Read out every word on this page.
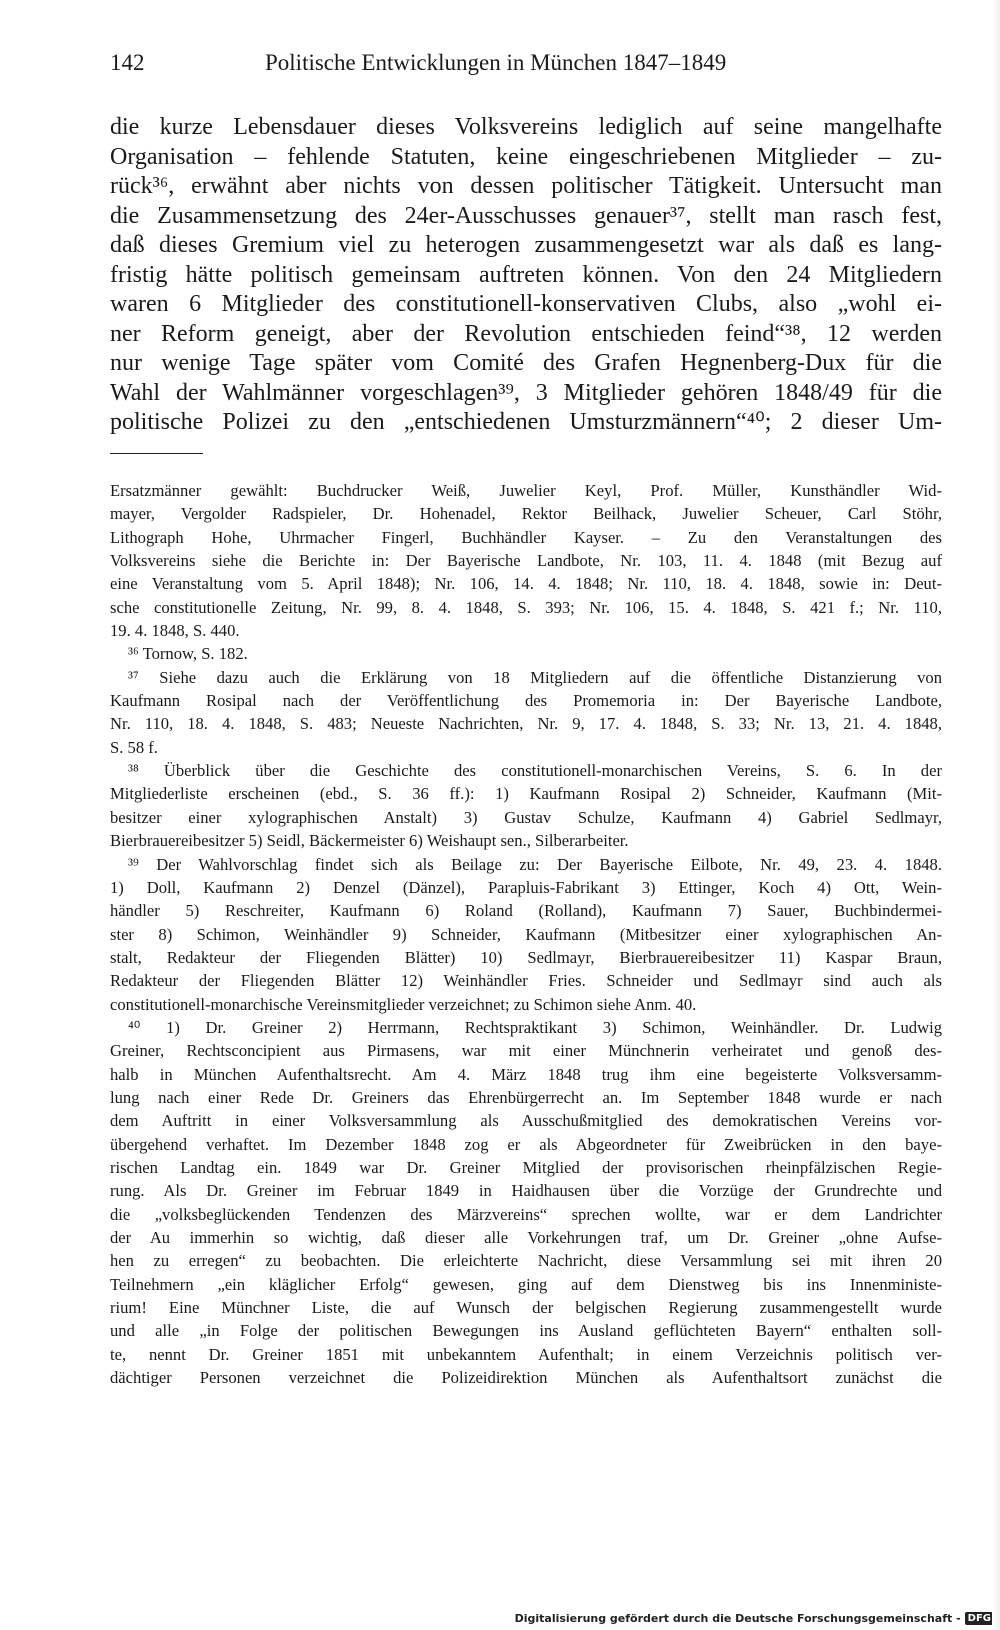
142	Politische Entwicklungen in München 1847–1849
die kurze Lebensdauer dieses Volksvereins lediglich auf seine mangelhafte
Organisation – fehlende Statuten, keine eingeschriebenen Mitglieder – zu-
rück³⁶, erwähnt aber nichts von dessen politischer Tätigkeit. Untersucht man
die Zusammensetzung des 24er-Ausschusses genauer³⁷, stellt man rasch fest,
daß dieses Gremium viel zu heterogen zusammengesetzt war als daß es lang-
fristig hätte politisch gemeinsam auftreten können. Von den 24 Mitgliedern
waren 6 Mitglieder des constitutionell-konservativen Clubs, also „wohl ei-
ner Reform geneigt, aber der Revolution entschieden feind“³⁸, 12 werden
nur wenige Tage später vom Comité des Grafen Hegnenberg-Dux für die
Wahl der Wahlmänner vorgeschlagen³⁹, 3 Mitglieder gehören 1848/49 für die
politische Polizei zu den „entschiedenen Umsturzmännern“⁴⁰; 2 dieser Um-
Ersatzmänner gewählt: Buchdrucker Weiß, Juwelier Keyl, Prof. Müller, Kunsthändler Wid-
mayer, Vergolder Radspieler, Dr. Hohenadel, Rektor Beilhack, Juwelier Scheuer, Carl Stöhr,
Lithograph Hohe, Uhrmacher Fingerl, Buchhändler Kayser. – Zu den Veranstaltungen des
Volksvereins siehe die Berichte in: Der Bayerische Landbote, Nr. 103, 11. 4. 1848 (mit Bezug auf
eine Veranstaltung vom 5. April 1848); Nr. 106, 14. 4. 1848; Nr. 110, 18. 4. 1848, sowie in: Deut-
sche constitutionelle Zeitung, Nr. 99, 8. 4. 1848, S. 393; Nr. 106, 15. 4. 1848, S. 421 f.; Nr. 110,
19. 4. 1848, S. 440.
³⁶ Tornow, S. 182.
³⁷ Siehe dazu auch die Erklärung von 18 Mitgliedern auf die öffentliche Distanzierung von
Kaufmann Rosipal nach der Veröffentlichung des Promemoria in: Der Bayerische Landbote,
Nr. 110, 18. 4. 1848, S. 483; Neueste Nachrichten, Nr. 9, 17. 4. 1848, S. 33; Nr. 13, 21. 4. 1848,
S. 58 f.
³⁸ Überblick über die Geschichte des constitutionell-monarchischen Vereins, S. 6. In der
Mitgliederliste erscheinen (ebd., S. 36 ff.): 1) Kaufmann Rosipal 2) Schneider, Kaufmann (Mit-
besitzer einer xylographischen Anstalt) 3) Gustav Schulze, Kaufmann 4) Gabriel Sedlmayr,
Bierbrauereibesitzer 5) Seidl, Bäckermeister 6) Weishaupt sen., Silberarbeiter.
³⁹ Der Wahlvorschlag findet sich als Beilage zu: Der Bayerische Eilbote, Nr. 49, 23. 4. 1848.
1) Doll, Kaufmann 2) Denzel (Dänzel), Parapluis-Fabrikant 3) Ettinger, Koch 4) Ott, Wein-
händler 5) Reschreiter, Kaufmann 6) Roland (Rolland), Kaufmann 7) Sauer, Buchbindermei-
ster 8) Schimon, Weinhändler 9) Schneider, Kaufmann (Mitbesitzer einer xylographischen An-
stalt, Redakteur der Fliegenden Blätter) 10) Sedlmayr, Bierbrauereibesitzer 11) Kaspar Braun,
Redakteur der Fliegenden Blätter 12) Weinhändler Fries. Schneider und Sedlmayr sind auch als
constitutionell-monarchische Vereinsmitglieder verzeichnet; zu Schimon siehe Anm. 40.
⁴⁰ 1) Dr. Greiner 2) Herrmann, Rechtspraktikant 3) Schimon, Weinhändler. Dr. Ludwig
Greiner, Rechtsconcipient aus Pirmasens, war mit einer Münchnerin verheiratet und genoß des-
halb in München Aufenthaltsrecht. Am 4. März 1848 trug ihm eine begeisterte Volksversamm-
lung nach einer Rede Dr. Greiners das Ehrenbürgerrecht an. Im September 1848 wurde er nach
dem Auftritt in einer Volksversammlung als Ausschußmitglied des demokratischen Vereins vor-
übergehend verhaftet. Im Dezember 1848 zog er als Abgeordneter für Zweibrücken in den baye-
rischen Landtag ein. 1849 war Dr. Greiner Mitglied der provisorischen rheinpfälzischen Regie-
rung. Als Dr. Greiner im Februar 1849 in Haidhausen über die Vorzüge der Grundrechte und
die „volksbeglückenden Tendenzen des Märzvereins“ sprechen wollte, war er dem Landrichter
der Au immerhin so wichtig, daß dieser alle Vorkehrungen traf, um Dr. Greiner „ohne Aufse-
hen zu erregen“ zu beobachten. Die erleichterte Nachricht, diese Versammlung sei mit ihren 20
Teilnehmern „ein kläglicher Erfolg“ gewesen, ging auf dem Dienstweg bis ins Innenministe-
rium! Eine Münchner Liste, die auf Wunsch der belgischen Regierung zusammengestellt wurde
und alle „in Folge der politischen Bewegungen ins Ausland geflüchteten Bayern“ enthalten soll-
te, nennt Dr. Greiner 1851 mit unbekanntem Aufenthalt; in einem Verzeichnis politisch ver-
dächtiger Personen verzeichnet die Polizeidirektion München als Aufenthaltsort zunächst die
Digitalisierung gefördert durch die Deutsche Forschungsgemeinschaft - DFG
